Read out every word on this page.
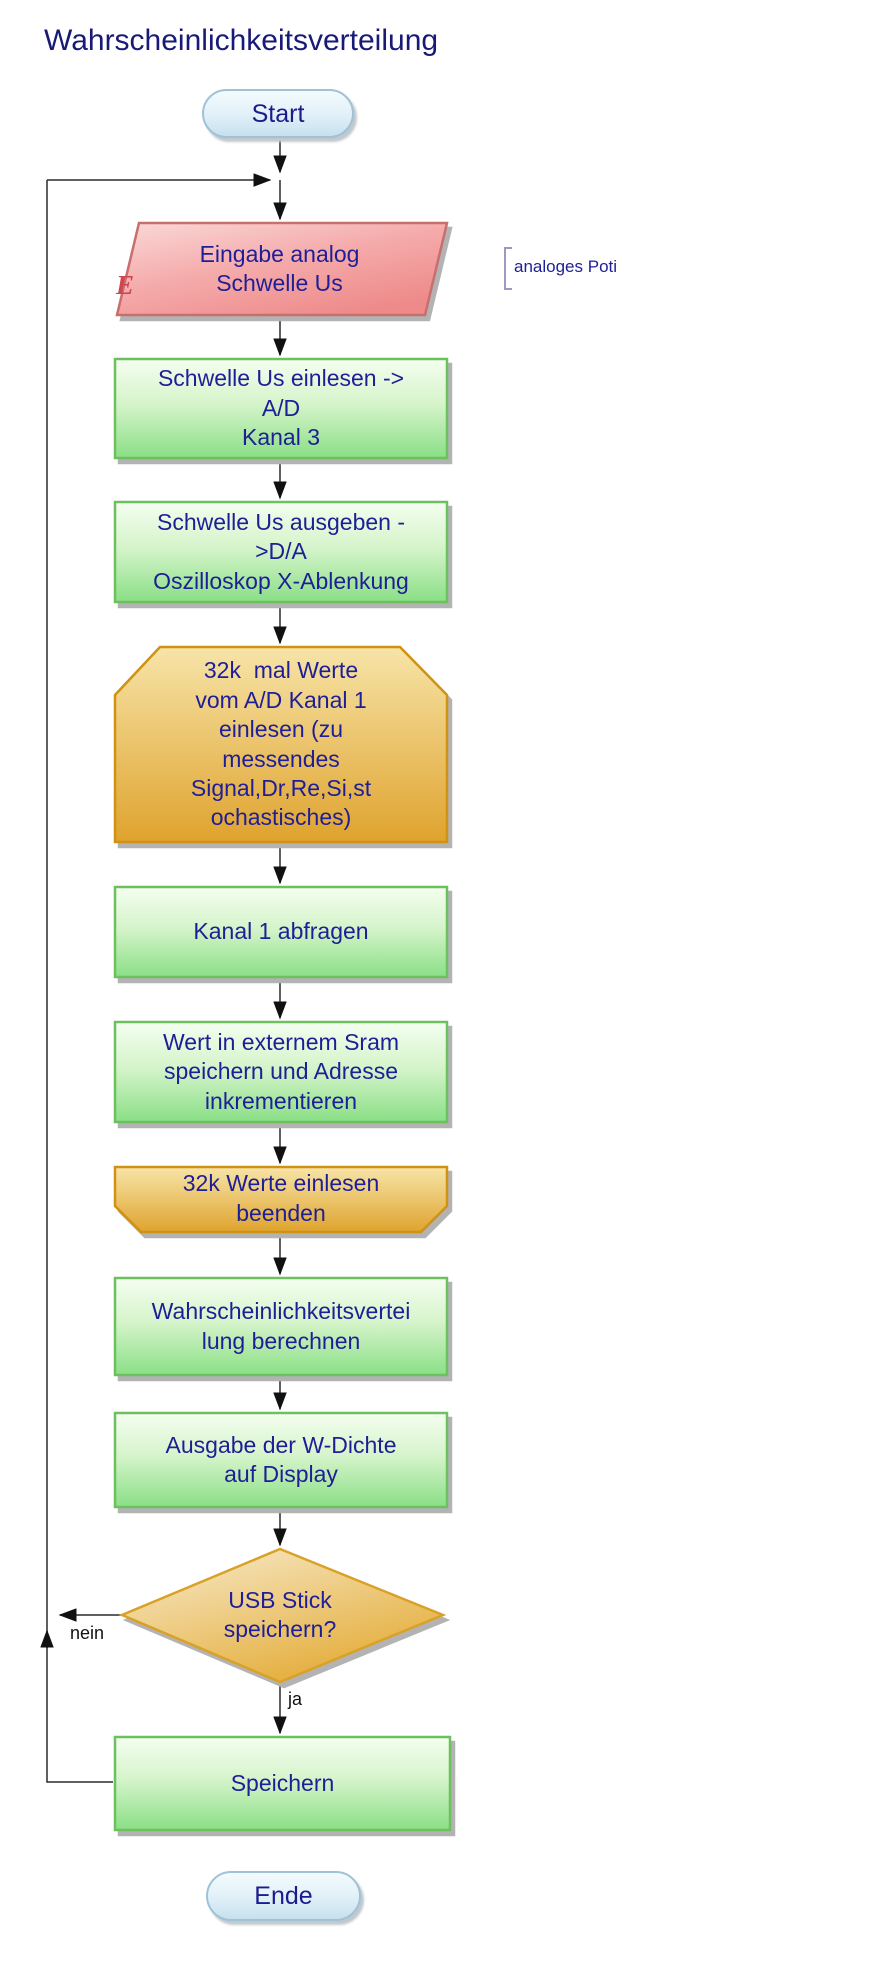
Wahrscheinlichkeitsverteilung
Start
Eingabe analog
Schwelle Us
E
analoges Poti
Schwelle Us einlesen ->
A/D
Kanal 3
Schwelle Us ausgeben -
>D/A
Oszilloskop X-Ablenkung
32k  mal Werte
vom A/D Kanal 1
einlesen (zu
messendes
Signal,Dr,Re,Si,st
ochastisches)
Kanal 1 abfragen
Wert in externem Sram
speichern und Adresse
inkrementieren
32k Werte einlesen
beenden
Wahrscheinlichkeitsvertei
lung berechnen
Ausgabe der W-Dichte
auf Display
USB Stick
speichern?
nein
ja
Speichern
Ende
